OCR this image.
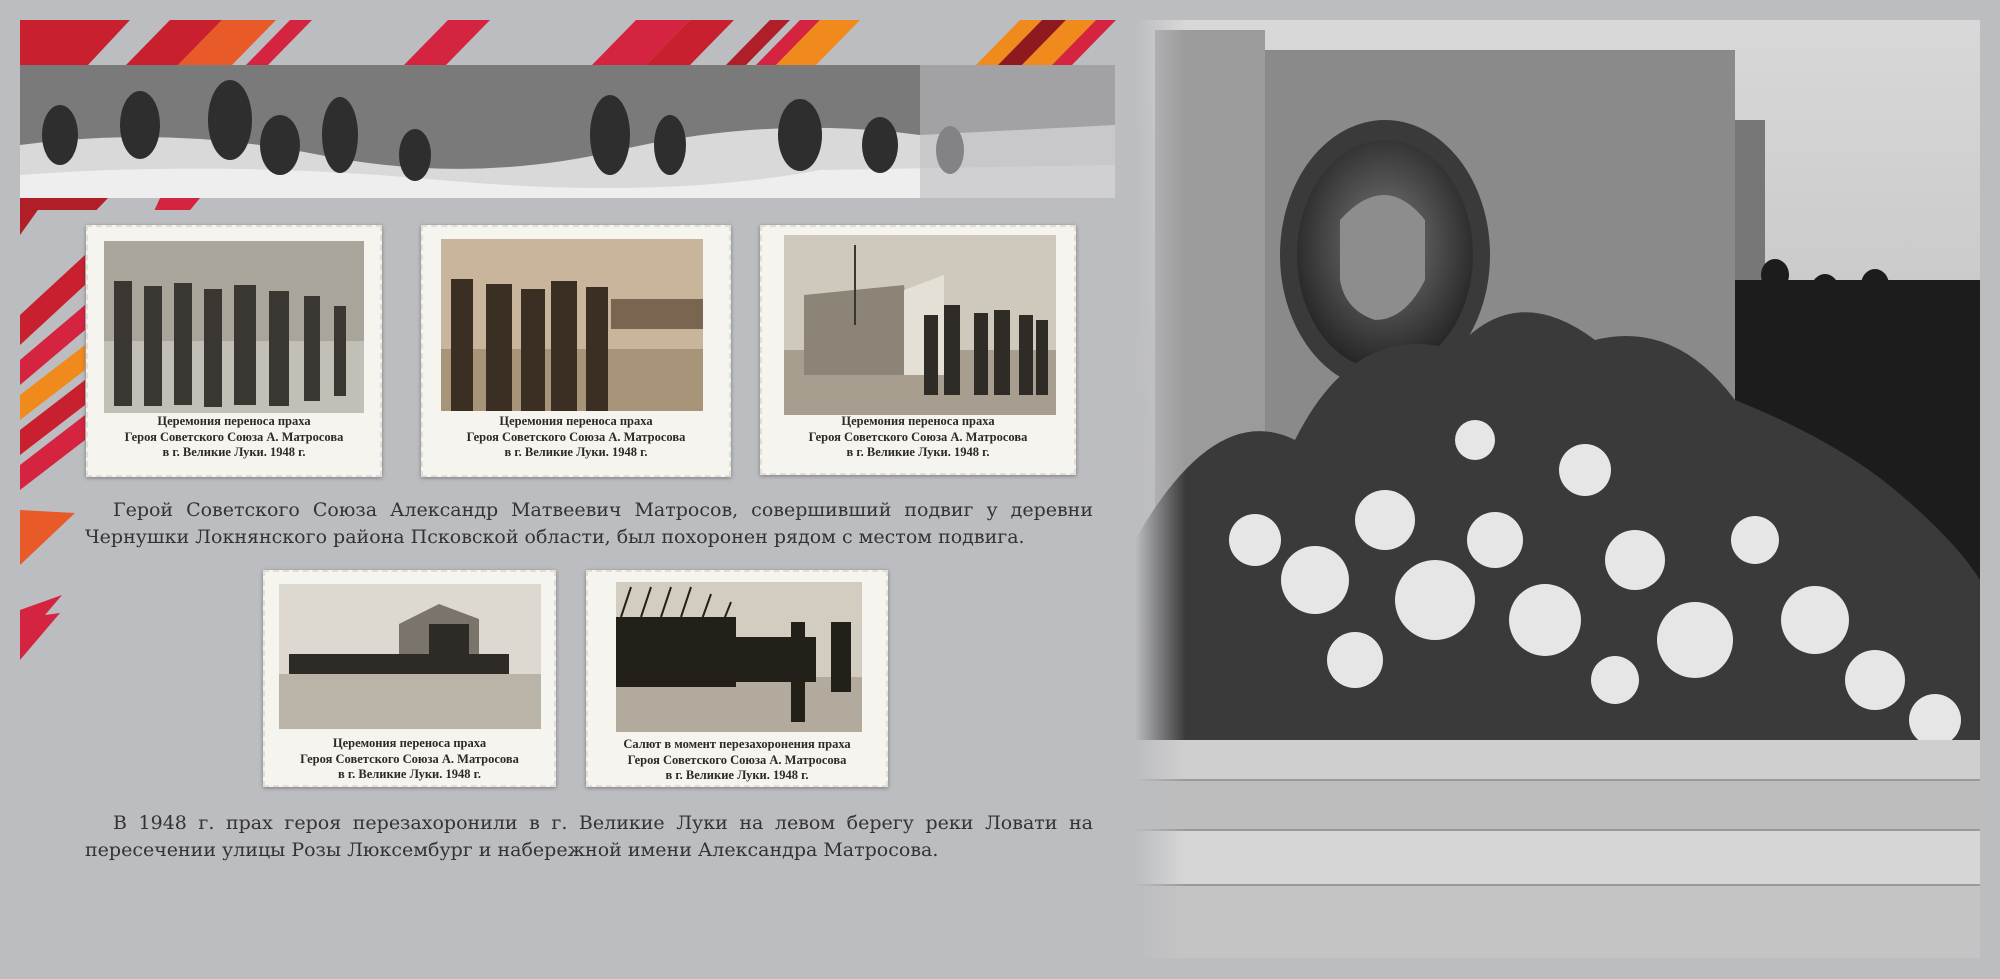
Церемония переноса праха
Героя Советского Союза А. Матросова
в г. Великие Луки. 1948 г.
Церемония переноса праха
Героя Советского Союза А. Матросова
в г. Великие Луки. 1948 г.
Церемония переноса праха
Героя Советского Союза А. Матросова
в г. Великие Луки. 1948 г.
Герой Советского Союза Александр Матвеевич Матросов, совершивший подвиг у деревни Чернушки Локнянского района Псковской области, был похоронен рядом с местом подвига.
Церемония переноса праха
Героя Советского Союза А. Матросова
в г. Великие Луки. 1948 г.
Салют в момент перезахоронения праха
Героя Советского Союза А. Матросова
в г. Великие Луки. 1948 г.
В 1948 г. прах героя перезахоронили в г. Великие Луки на левом берегу реки Ловати на пересечении улицы Розы Люксембург и набережной имени Александра Матросова.
